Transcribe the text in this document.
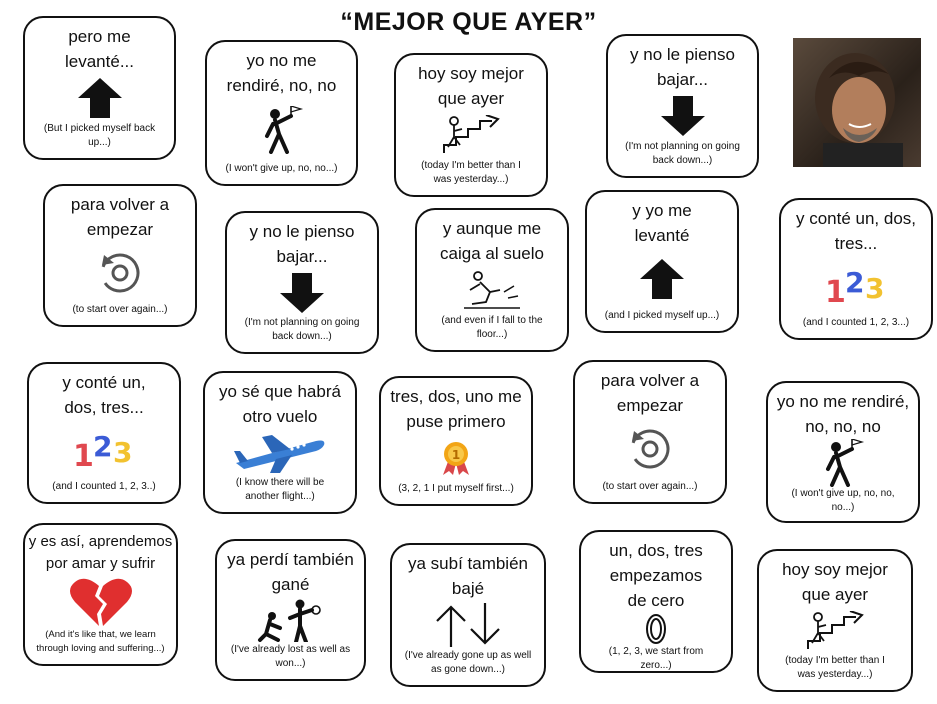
“MEJOR QUE AYER”
pero me levanté...
(But I picked myself back up...)
yo no me rendiré, no, no
(I won't give up, no, no...)
hoy soy mejor que ayer
(today I'm better than I was yesterday...)
y no le pienso bajar...
(I'm not planning on going back down...)
para volver a empezar
(to start over again...)
y no le pienso bajar...
(I'm not planning on going back down...)
y aunque me caiga al suelo
(and even if I fall to the floor...)
y yo me levanté
(and I picked myself up...)
y conté un, dos, tres...
1 2 3
(and I counted 1, 2, 3...)
y conté un, dos, tres...
1 2 3
(and I counted 1, 2, 3..)
yo sé que habrá otro vuelo
(I know there will be another flight...)
tres, dos, uno me puse primero
1
(3, 2, 1 I put myself first...)
para volver a empezar
(to start over again...)
yo no me rendiré, no, no, no
(I won't give up, no, no, no...)
y es así, aprendemos por amar y sufrir
(And it's like that, we learn through loving and suffering...)
ya perdí también gané
(I've already lost as well as won...)
ya subí también bajé
(I've already gone up as well as gone down...)
un, dos, tres empezamos de cero
(1, 2, 3, we start from zero...)
hoy soy mejor que ayer
(today I'm better than I was yesterday...)
